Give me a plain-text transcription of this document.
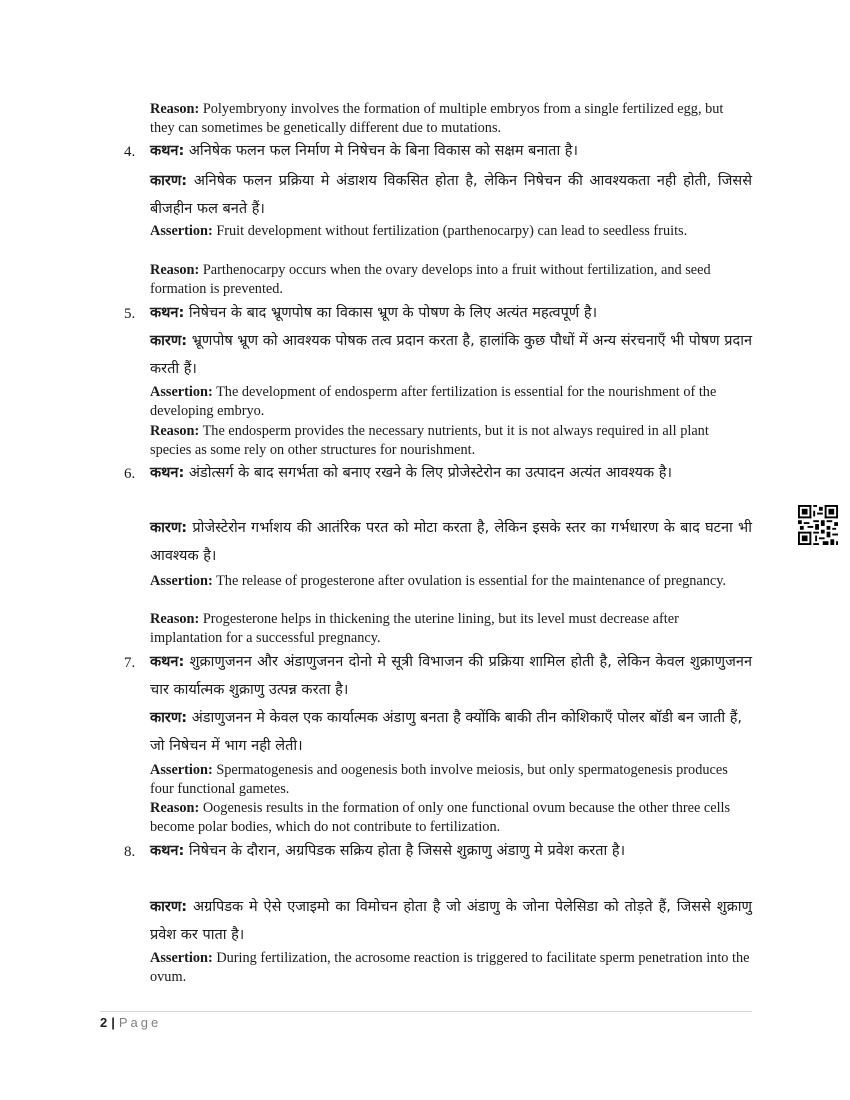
Reason: Polyembryony involves the formation of multiple embryos from a single fertilized egg, but they can sometimes be genetically different due to mutations.
4. कथन: अनिषेक फलन फल निर्माण मे निषेचन के बिना विकास को सक्षम बनाता है।
कारण: अनिषेक फलन प्रक्रिया मे अंडाशय विकसित होता है, लेकिन निषेचन की आवश्यकता नही होती, जिससे बीजहीन फल बनते हैं।
Assertion: Fruit development without fertilization (parthenocarpy) can lead to seedless fruits.
Reason: Parthenocarpy occurs when the ovary develops into a fruit without fertilization, and seed formation is prevented.
5. कथन: निषेचन के बाद भ्रूणपोष का विकास भ्रूण के पोषण के लिए अत्यंत महत्वपूर्ण है।
कारण: भ्रूणपोष भ्रूण को आवश्यक पोषक तत्व प्रदान करता है, हालांकि कुछ पौधों में अन्य संरचनाएँ भी पोषण प्रदान करती हैं।
Assertion: The development of endosperm after fertilization is essential for the nourishment of the developing embryo.
Reason: The endosperm provides the necessary nutrients, but it is not always required in all plant species as some rely on other structures for nourishment.
6. कथन: अंडोत्सर्ग के बाद सगर्भता को बनाए रखने के लिए प्रोजेस्टेरोन का उत्पादन अत्यंत आवश्यक है।
कारण: प्रोजेस्टेरोन गर्भाशय की आतंरिक परत को मोटा करता है, लेकिन इसके स्तर का गर्भधारण के बाद घटना भी आवश्यक है।
Assertion: The release of progesterone after ovulation is essential for the maintenance of pregnancy.
Reason: Progesterone helps in thickening the uterine lining, but its level must decrease after implantation for a successful pregnancy.
7. कथन: शुक्राणुजनन और अंडाणुजनन दोनो मे सूत्री विभाजन की प्रक्रिया शामिल होती है, लेकिन केवल शुक्राणुजनन चार कार्यात्मक शुक्राणु उत्पन्न करता है।
कारण: अंडाणुजनन मे केवल एक कार्यात्मक अंडाणु बनता है क्योंकि बाकी तीन कोशिकाएँ पोलर बॉडी बन जाती हैं, जो निषेचन में भाग नही लेती।
Assertion: Spermatogenesis and oogenesis both involve meiosis, but only spermatogenesis produces four functional gametes.
Reason: Oogenesis results in the formation of only one functional ovum because the other three cells become polar bodies, which do not contribute to fertilization.
8. कथन: निषेचन के दौरान, अग्रपिडक सक्रिय होता है जिससे शुक्राणु अंडाणु मे प्रवेश करता है।
कारण: अग्रपिडक मे ऐसे एजाइमो का विमोचन होता है जो अंडाणु के जोना पेलेसिडा को तोड़ते हैं, जिससे शुक्राणु प्रवेश कर पाता है।
Assertion: During fertilization, the acrosome reaction is triggered to facilitate sperm penetration into the ovum.
2 | Page
